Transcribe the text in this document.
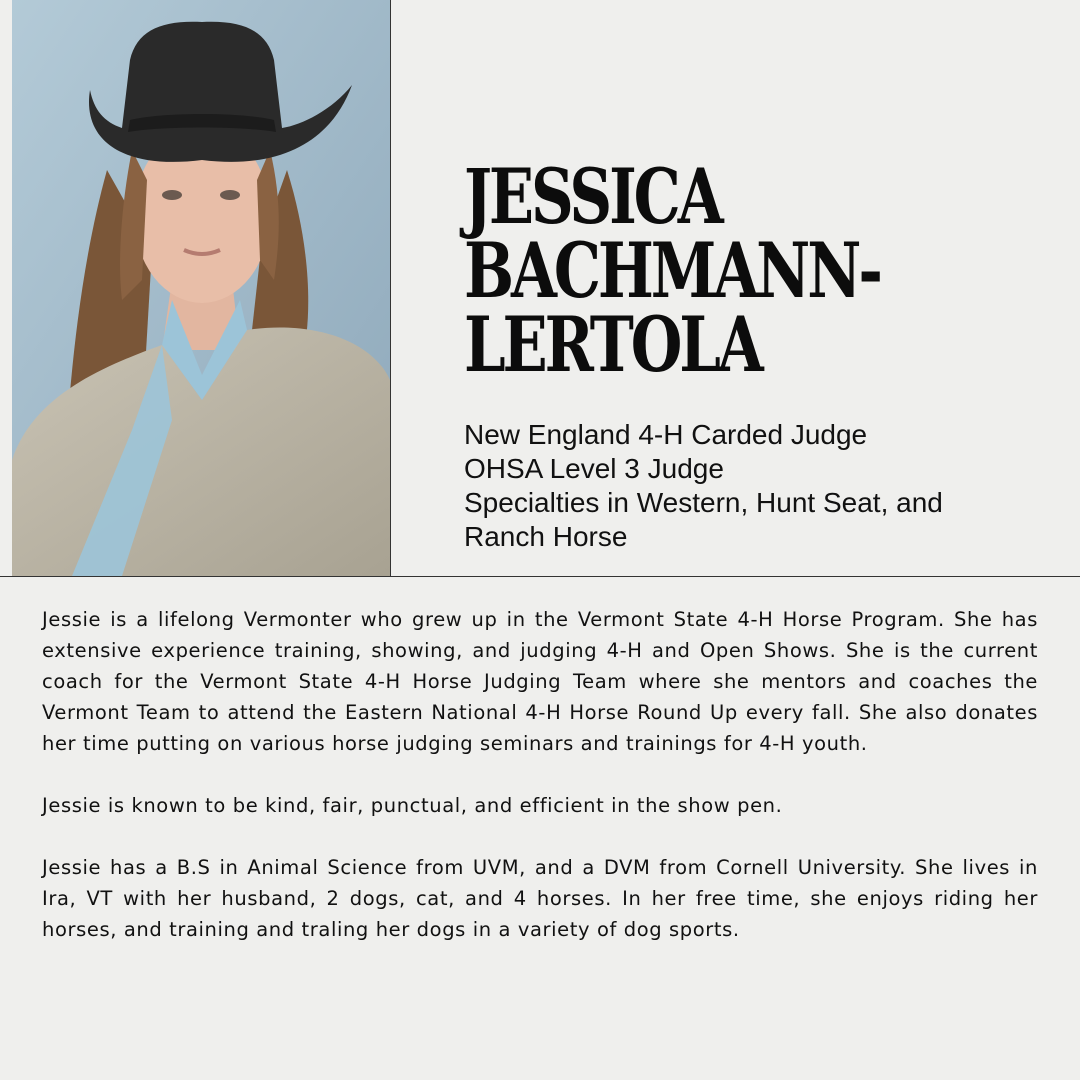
JESSICA
BACHMANN-
LERTOLA
New England 4-H Carded Judge
OHSA Level 3 Judge
Specialties in Western, Hunt Seat, and
Ranch Horse

Jessie is a lifelong Vermonter who grew up in the Vermont State 4-H Horse Program. She has extensive experience training, showing, and judging 4-H and Open Shows. She is the current coach for the Vermont State 4-H Horse Judging Team where she mentors and coaches the Vermont Team to attend the Eastern National 4-H Horse Round Up every fall. She also donates her time putting on various horse judging seminars and trainings for 4-H youth.

Jessie is known to be kind, fair, punctual, and efficient in the show pen.

Jessie has a B.S in Animal Science from UVM, and a DVM from Cornell University. She lives in Ira, VT with her husband, 2 dogs, cat, and 4 horses. In her free time, she enjoys riding her horses, and training and traling her dogs in a variety of dog sports.
